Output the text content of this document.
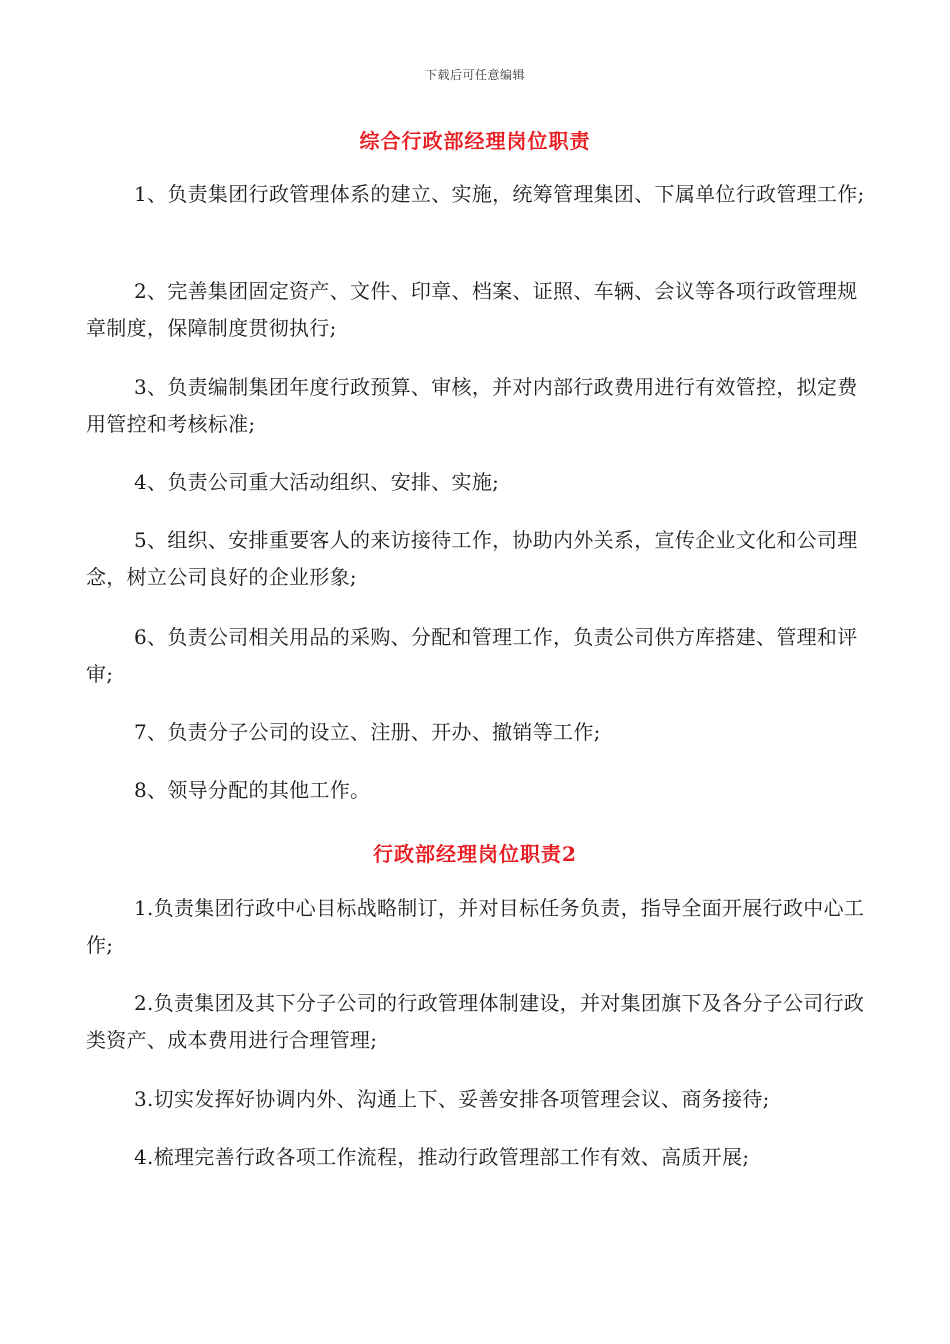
下载后可任意编辑
综合行政部经理岗位职责

1、负责集团行政管理体系的建立、实施，统筹管理集团、下属单位行政管理工作;

2、完善集团固定资产、文件、印章、档案、证照、车辆、会议等各项行政管理规章制度，保障制度贯彻执行;

3、负责编制集团年度行政预算、审核，并对内部行政费用进行有效管控，拟定费用管控和考核标准;

4、负责公司重大活动组织、安排、实施;

5、组织、安排重要客人的来访接待工作，协助内外关系，宣传企业文化和公司理念，树立公司良好的企业形象;

6、负责公司相关用品的采购、分配和管理工作，负责公司供方库搭建、管理和评审;

7、负责分子公司的设立、注册、开办、撤销等工作;

8、领导分配的其他工作。

行政部经理岗位职责2

1.负责集团行政中心目标战略制订，并对目标任务负责，指导全面开展行政中心工作;

2.负责集团及其下分子公司的行政管理体制建设，并对集团旗下及各分子公司行政类资产、成本费用进行合理管理;

3.切实发挥好协调内外、沟通上下、妥善安排各项管理会议、商务接待;

4.梳理完善行政各项工作流程，推动行政管理部工作有效、高质开展;
